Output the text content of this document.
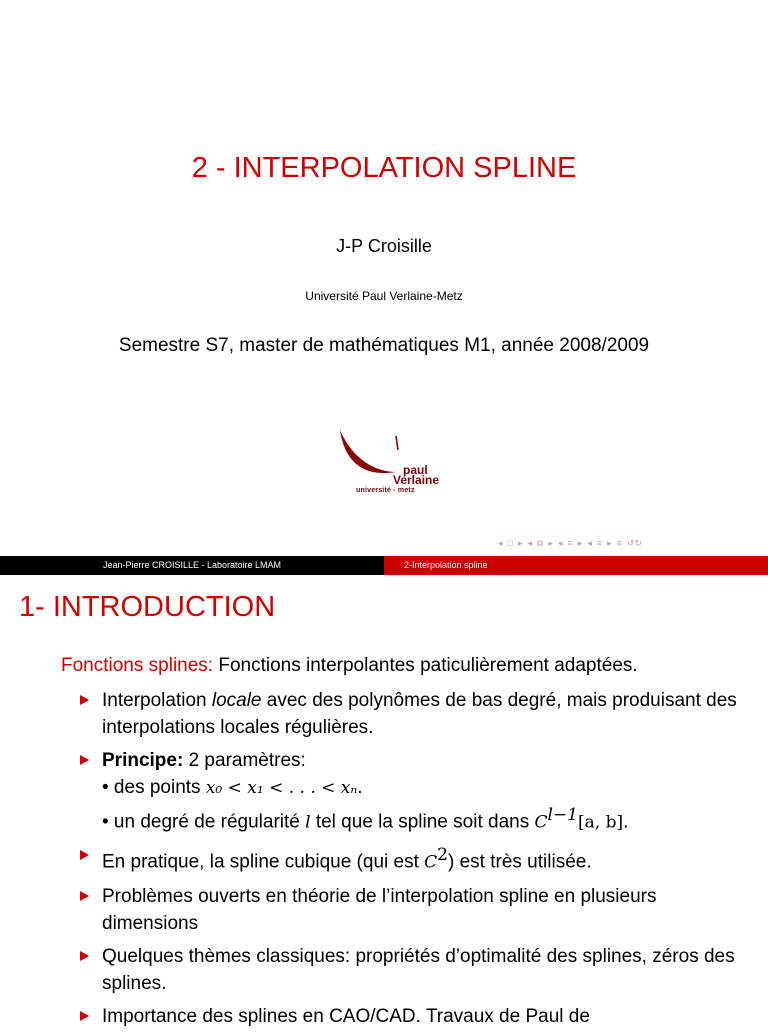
2 - INTERPOLATION SPLINE
J-P Croisille
Université Paul Verlaine-Metz
Semestre S7, master de mathématiques M1, année 2008/2009
paul
Verlaine
université - metz
◂ □ ▸ ◂ ⧉ ▸ ◂ ≡ ▸ ◂ ≡ ▸ ≡ ↺↻
Jean-Pierre CROISILLE - Laboratoire LMAM	2-Interpolation spline
1- INTRODUCTION
Fonctions splines: Fonctions interpolantes paticulièrement adaptées.
Interpolation locale avec des polynômes de bas degré, mais produisant des interpolations locales régulières.
Principe: 2 paramètres:
• des points x₀ < x₁ < . . . < xₙ.
• un degré de régularité l tel que la spline soit dans $C^{l-1}[a$, b].
En pratique, la spline cubique (qui est $C^2$) est très utilisée.
Problèmes ouverts en théorie de l’interpolation spline en plusieurs dimensions
Quelques thèmes classiques: propriétés d’optimalité des splines, zéros des splines.
Importance des splines en CAO/CAD. Travaux de Paul de
